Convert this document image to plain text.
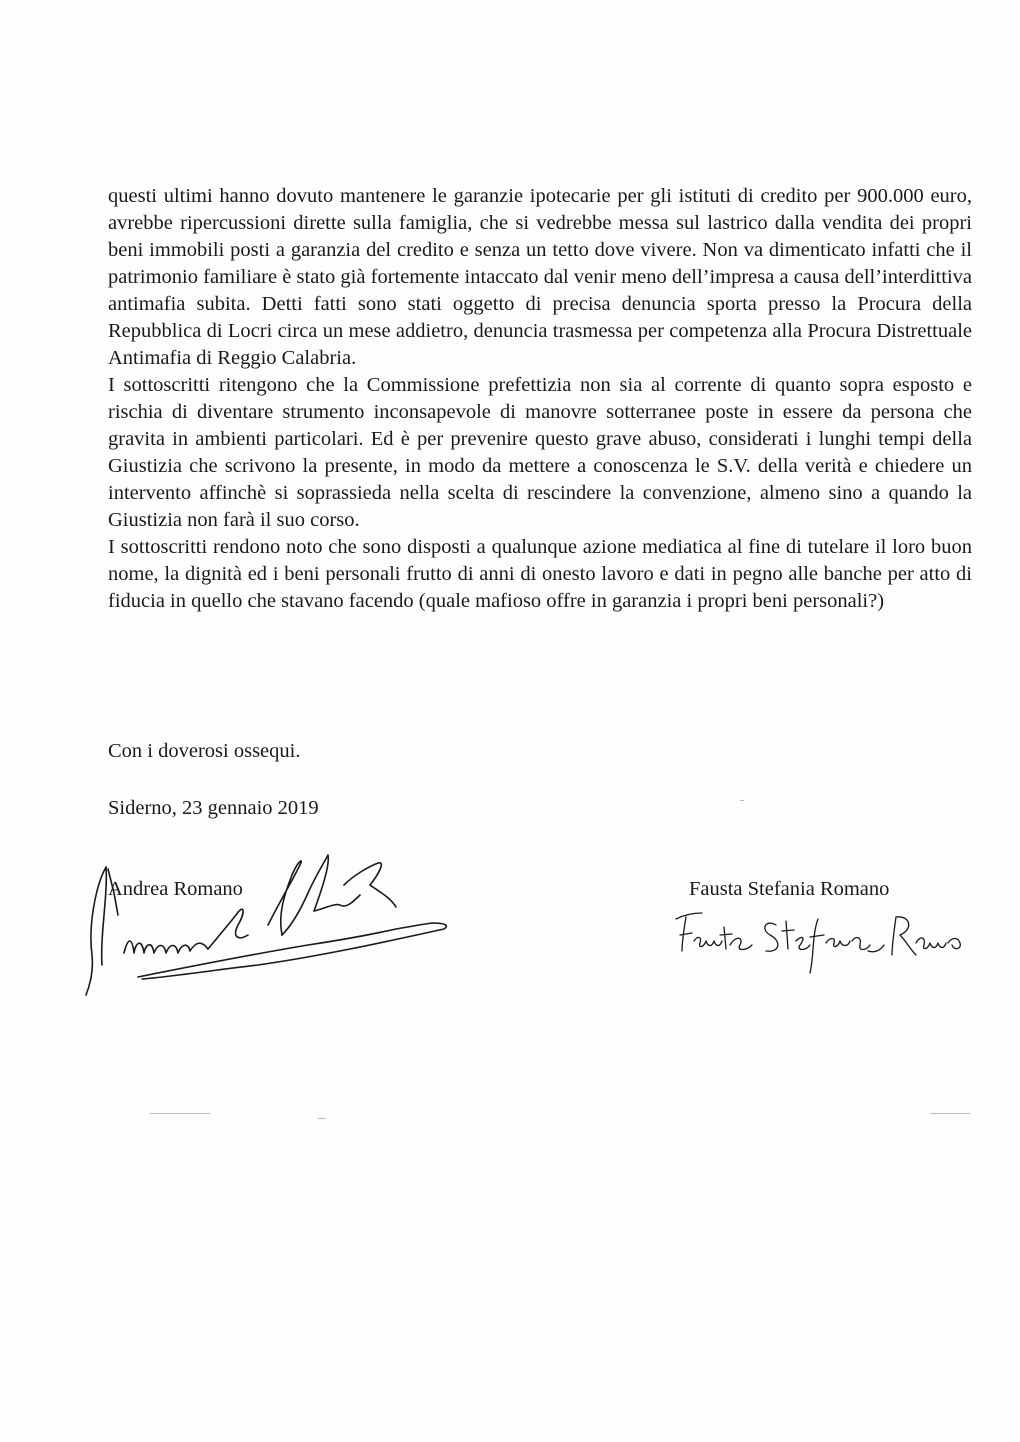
questi ultimi hanno dovuto mantenere le garanzie ipotecarie per gli istituti di credito per 900.000 euro, avrebbe ripercussioni dirette sulla famiglia, che si vedrebbe messa sul lastrico dalla vendita dei propri beni immobili posti a garanzia del credito e senza un tetto dove vivere. Non va dimenticato infatti che il patrimonio familiare è stato già fortemente intaccato dal venir meno dell’impresa a causa dell’interdittiva antimafia subita. Detti fatti sono stati oggetto di precisa denuncia sporta presso la Procura della Repubblica di Locri circa un mese addietro, denuncia trasmessa per competenza alla Procura Distrettuale Antimafia di Reggio Calabria.

I sottoscritti ritengono che la Commissione prefettizia non sia al corrente di quanto sopra esposto e rischia di diventare strumento inconsapevole di manovre sotterranee poste in essere da persona che gravita in ambienti particolari. Ed è per prevenire questo grave abuso, considerati i lunghi tempi della Giustizia che scrivono la presente, in modo da mettere a conoscenza le S.V. della verità e chiedere un intervento affinchè si soprassieda nella scelta di rescindere la convenzione, almeno sino a quando la Giustizia non farà il suo corso.

I sottoscritti rendono noto che sono disposti a qualunque azione mediatica al fine di tutelare il loro buon nome, la dignità ed i beni personali frutto di anni di onesto lavoro e dati in pegno alle banche per atto di fiducia in quello che stavano facendo (quale mafioso offre in garanzia i propri beni personali?)

Con i doverosi ossequi.
Siderno, 23 gennaio 2019
Andrea Romano	Fausta Stefania Romano
